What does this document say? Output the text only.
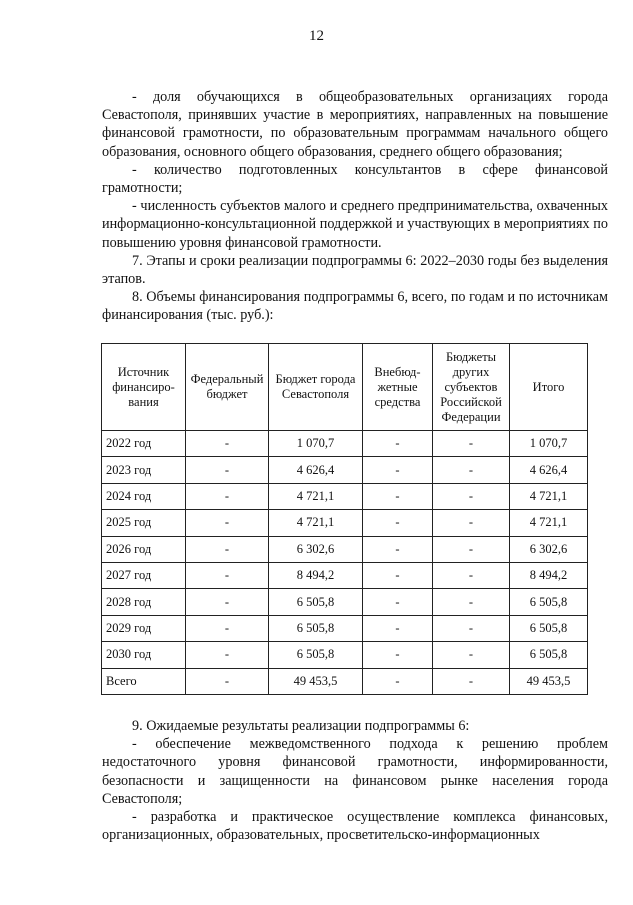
12

- доля обучающихся в общеобразовательных организациях города Севастополя, принявших участие в мероприятиях, направленных на повышение финансовой грамотности, по образовательным программам начального общего образования, основного общего образования, среднего общего образования;

- количество подготовленных консультантов в сфере финансовой грамотности;

- численность субъектов малого и среднего предпринимательства, охваченных информационно-консультационной поддержкой и участвующих в мероприятиях по повышению уровня финансовой грамотности.

7. Этапы и сроки реализации подпрограммы 6: 2022–2030 годы без выделения этапов.

8. Объемы финансирования подпрограммы 6, всего, по годам и по источникам финансирования (тыс. руб.):

Источник финансиро-вания	Федеральный бюджет	Бюджет города Севастополя	Внебюд-жетные средства	Бюджеты других субъектов Российской Федерации	Итого
2022 год	-	1 070,7	-	-	1 070,7
2023 год	-	4 626,4	-	-	4 626,4
2024 год	-	4 721,1	-	-	4 721,1
2025 год	-	4 721,1	-	-	4 721,1
2026 год	-	6 302,6	-	-	6 302,6
2027 год	-	8 494,2	-	-	8 494,2
2028 год	-	6 505,8	-	-	6 505,8
2029 год	-	6 505,8	-	-	6 505,8
2030 год	-	6 505,8	-	-	6 505,8
Всего	-	49 453,5	-	-	49 453,5

9. Ожидаемые результаты реализации подпрограммы 6:

- обеспечение межведомственного подхода к решению проблем недостаточного уровня финансовой грамотности, информированности, безопасности и защищенности на финансовом рынке населения города Севастополя;

- разработка и практическое осуществление комплекса финансовых, организационных, образовательных, просветительско-информационных
